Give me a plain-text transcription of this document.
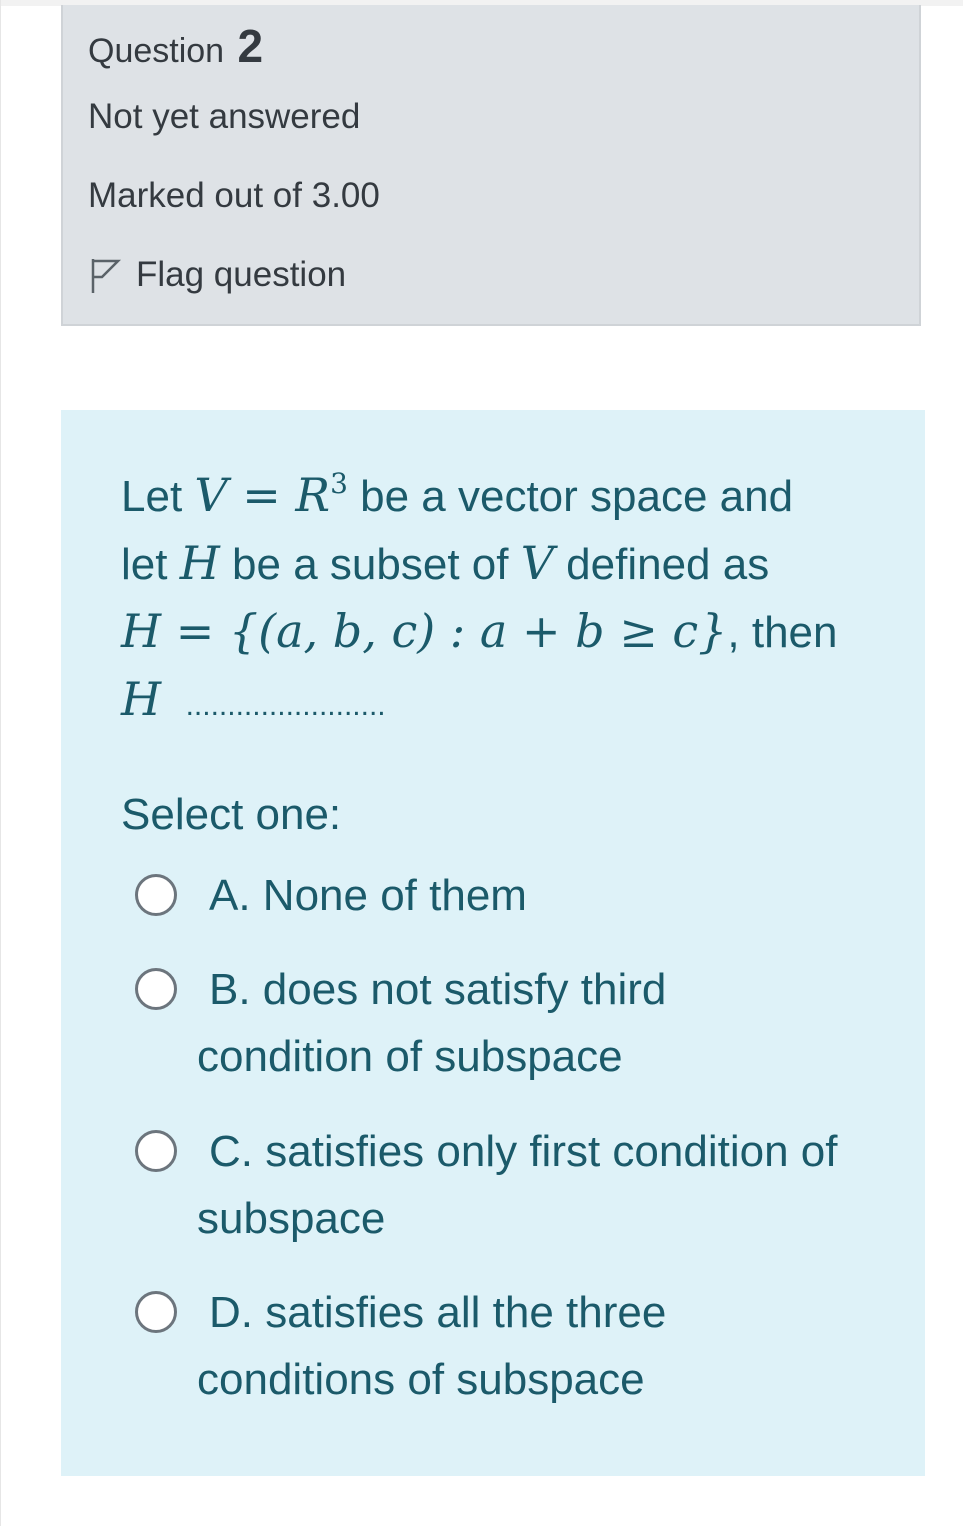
Question 2
Not yet answered
Marked out of 3.00
Flag question
Let $V = R^3$ be a vector space and
let H be a subset of V defined as
H = {(a, b, c) : a + b ≥ c}, then
H ........................
Select one:
A. None of them
B. does not satisfy third
condition of subspace
C. satisfies only first condition of
subspace
D. satisfies all the three
conditions of subspace
